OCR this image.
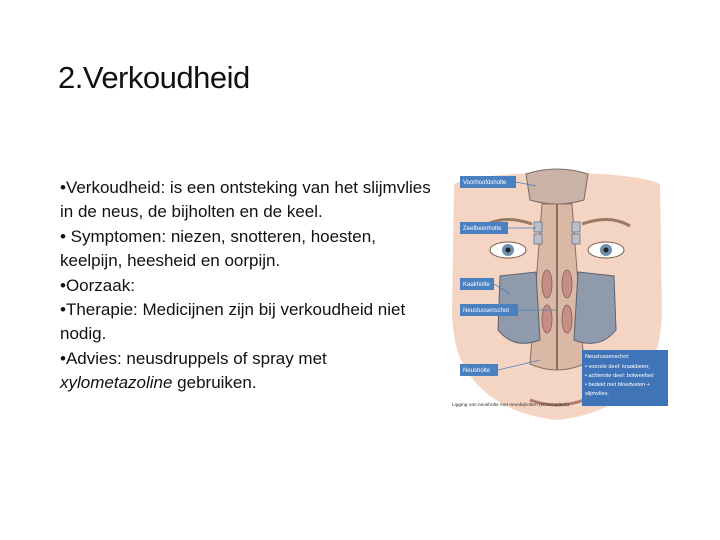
2.Verkoudheid

•Verkoudheid: is een ontsteking van het slijmvlies in de neus, de bijholten en de keel.

• Symptomen: niezen, snotteren, hoesten, keelpijn, heesheid en oorpijn.

•Oorzaak:

•Therapie: Medicijnen zijn bij verkoudheid niet nodig.

•Advies: neusdruppels of spray met xylometazoline gebruiken.

Voorhoofdsholte
Zeefbeenholte
Kaakholte
Neustussenschot
Neusholte
Neustussenschot:
• voorste deel: kraakbeen;
• achterste deel: botweefsel
• bedekt met bloedvaten +
slijmvlies.
Ligging van neusholte met neusbijholten (schematisch)
